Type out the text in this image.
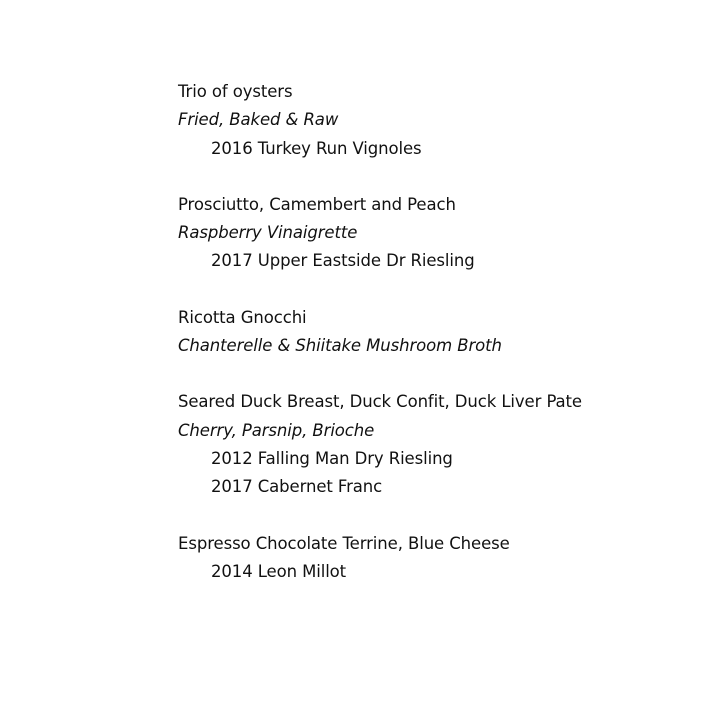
Trio of oysters
Fried, Baked & Raw
2016 Turkey Run Vignoles
Prosciutto, Camembert and Peach
Raspberry Vinaigrette
2017 Upper Eastside Dr Riesling
Ricotta Gnocchi
Chanterelle & Shiitake Mushroom Broth
Seared Duck Breast, Duck Confit, Duck Liver Pate
Cherry, Parsnip, Brioche
2012 Falling Man Dry Riesling
2017 Cabernet Franc
Espresso Chocolate Terrine, Blue Cheese
2014 Leon Millot
